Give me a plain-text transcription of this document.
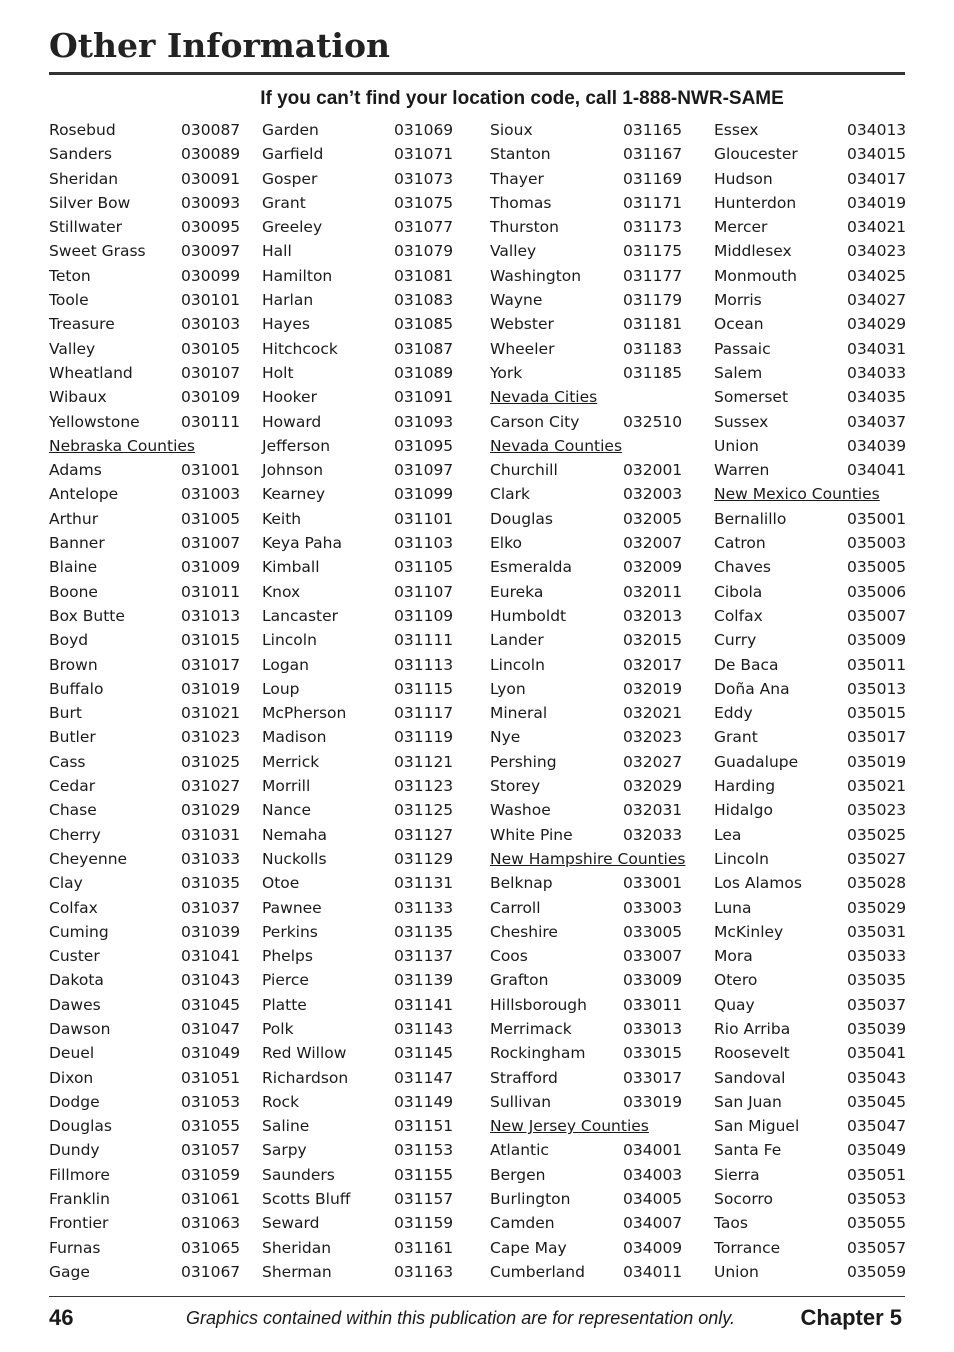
Other Information
If you can’t find your location code, call 1-888-NWR-SAME
Rosebud	030087
Sanders	030089
Sheridan	030091
Silver Bow	030093
Stillwater	030095
Sweet Grass 030097
Teton	030099
Toole	030101
Treasure	030103
Valley	030105
Wheatland	030107
Wibaux	030109
Yellowstone	030111
Nebraska Counties
Adams	031001
Antelope	031003
Arthur	031005
Banner	031007
Blaine	031009
Boone	031011
Box Butte	031013
Boyd	031015
Brown	031017
Buffalo	031019
Burt	031021
Butler	031023
Cass	031025
Cedar	031027
Chase	031029
Cherry	031031
Cheyenne	031033
Clay	031035
Colfax	031037
Cuming	031039
Custer	031041
Dakota	031043
Dawes	031045
Dawson	031047
Deuel	031049
Dixon	031051
Dodge	031053
Douglas	031055
Dundy	031057
Fillmore	031059
Franklin	031061
Frontier	031063
Furnas	031065
Gage	031067
Garden	031069
Garfield	031071
Gosper	031073
Grant	031075
Greeley	031077
Hall	031079
Hamilton	031081
Harlan	031083
Hayes	031085
Hitchcock	031087
Holt	031089
Hooker	031091
Howard	031093
Jefferson	031095
Johnson	031097
Kearney	031099
Keith	031101
Keya Paha	031103
Kimball	031105
Knox	031107
Lancaster	031109
Lincoln	031111
Logan	031113
Loup	031115
McPherson	031117
Madison	031119
Merrick	031121
Morrill	031123
Nance	031125
Nemaha	031127
Nuckolls	031129
Otoe	031131
Pawnee	031133
Perkins	031135
Phelps	031137
Pierce	031139
Platte	031141
Polk	031143
Red Willow	031145
Richardson	031147
Rock	031149
Saline	031151
Sarpy	031153
Saunders	031155
Scotts Bluff	031157
Seward	031159
Sheridan	031161
Sherman	031163
Sioux	031165
Stanton	031167
Thayer	031169
Thomas	031171
Thurston	031173
Valley	031175
Washington	031177
Wayne	031179
Webster	031181
Wheeler	031183
York	031185
Nevada Cities
Carson City	032510
Nevada Counties
Churchill	032001
Clark	032003
Douglas	032005
Elko	032007
Esmeralda	032009
Eureka	032011
Humboldt	032013
Lander	032015
Lincoln	032017
Lyon	032019
Mineral	032021
Nye	032023
Pershing	032027
Storey	032029
Washoe	032031
White Pine	032033
New Hampshire Counties
Belknap	033001
Carroll	033003
Cheshire	033005
Coos	033007
Grafton	033009
Hillsborough 033011
Merrimack	033013
Rockingham 033015
Strafford	033017
Sullivan	033019
New Jersey Counties
Atlantic	034001
Bergen	034003
Burlington	034005
Camden	034007
Cape May	034009
Cumberland 034011
Essex	034013
Gloucester	034015
Hudson	034017
Hunterdon	034019
Mercer	034021
Middlesex	034023
Monmouth	034025
Morris	034027
Ocean	034029
Passaic	034031
Salem	034033
Somerset	034035
Sussex	034037
Union	034039
Warren	034041
New Mexico Counties
Bernalillo	035001
Catron	035003
Chaves	035005
Cibola	035006
Colfax	035007
Curry	035009
De Baca	035011
Doña Ana	035013
Eddy	035015
Grant	035017
Guadalupe	035019
Harding	035021
Hidalgo	035023
Lea	035025
Lincoln	035027
Los Alamos	035028
Luna	035029
McKinley	035031
Mora	035033
Otero	035035
Quay	035037
Rio Arriba	035039
Roosevelt	035041
Sandoval	035043
San Juan	035045
San Miguel	035047
Santa Fe	035049
Sierra	035051
Socorro	035053
Taos	035055
Torrance	035057
Union	035059
46	Graphics contained within this publication are for representation only.	Chapter 5
